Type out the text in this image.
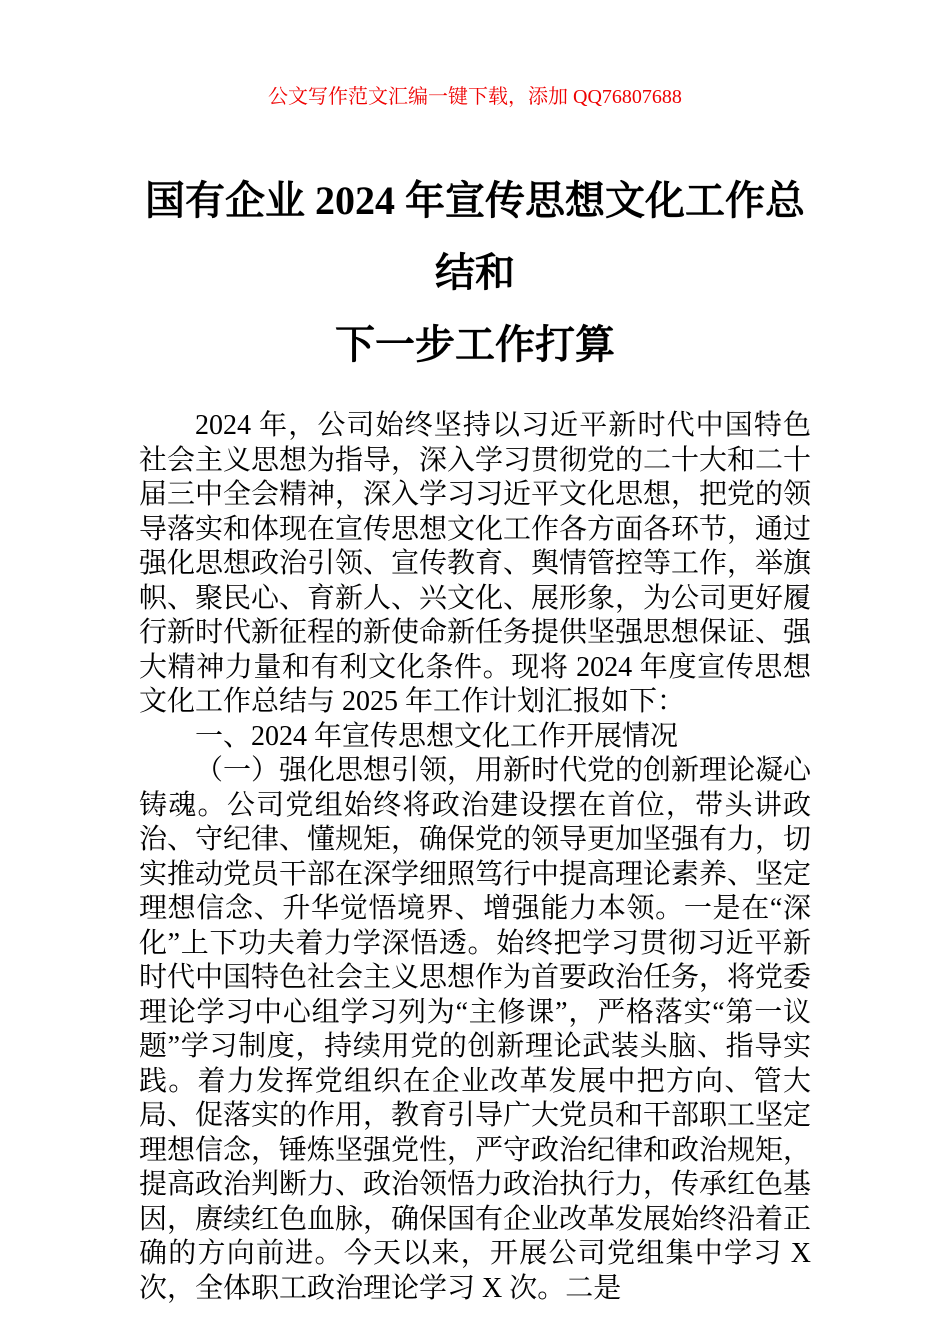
公文写作范文汇编一键下载，添加 QQ76807688
国有企业 2024 年宣传思想文化工作总结和
下一步工作打算

2024 年，公司始终坚持以习近平新时代中国特色社会主义思想为指导，深入学习贯彻党的二十大和二十届三中全会精神，深入学习习近平文化思想，把党的领导落实和体现在宣传思想文化工作各方面各环节，通过强化思想政治引领、宣传教育、舆情管控等工作，举旗帜、聚民心、育新人、兴文化、展形象，为公司更好履行新时代新征程的新使命新任务提供坚强思想保证、强大精神力量和有利文化条件。现将 2024 年度宣传思想文化工作总结与 2025 年工作计划汇报如下：

一、2024 年宣传思想文化工作开展情况

（一）强化思想引领，用新时代党的创新理论凝心铸魂。公司党组始终将政治建设摆在首位，带头讲政治、守纪律、懂规矩，确保党的领导更加坚强有力，切实推动党员干部在深学细照笃行中提高理论素养、坚定理想信念、升华觉悟境界、增强能力本领。一是在“深化”上下功夫着力学深悟透。始终把学习贯彻习近平新时代中国特色社会主义思想作为首要政治任务，将党委理论学习中心组学习列为“主修课”，严格落实“第一议题”学习制度，持续用党的创新理论武装头脑、指导实践。着力发挥党组织在企业改革发展中把方向、管大局、促落实的作用，教育引导广大党员和干部职工坚定理想信念，锤炼坚强党性，严守政治纪律和政治规矩，提高政治判断力、政治领悟力政治执行力，传承红色基因，赓续红色血脉，确保国有企业改革发展始终沿着正确的方向前进。今天以来，开展公司党组集中学习 X 次，全体职工政治理论学习 X 次。二是
